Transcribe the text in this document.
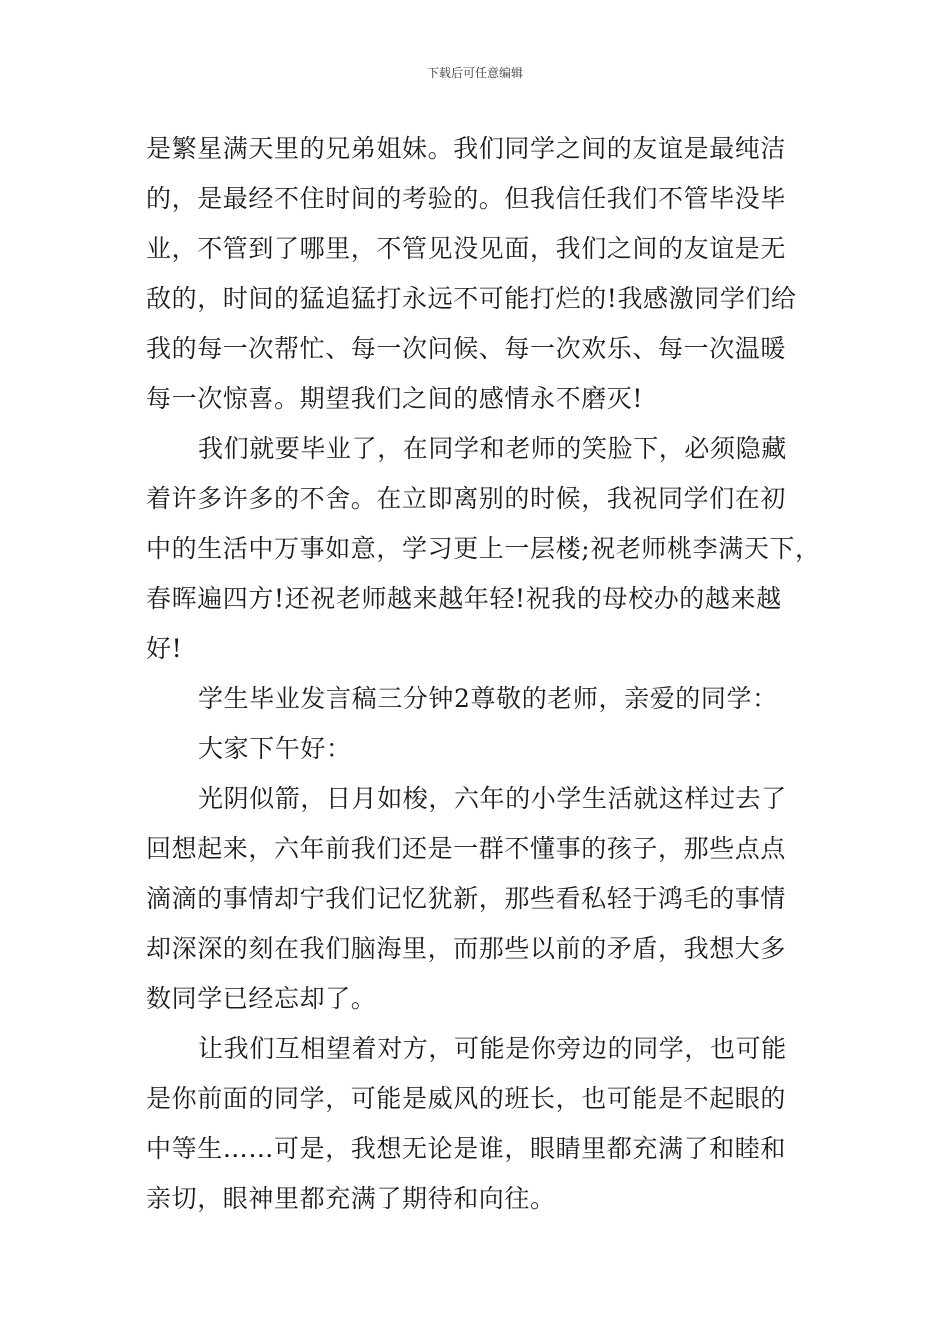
下载后可任意编辑

是繁星满天里的兄弟姐妹。我们同学之间的友谊是最纯洁
的，是最经不住时间的考验的。但我信任我们不管毕没毕
业，不管到了哪里，不管见没见面，我们之间的友谊是无
敌的，时间的猛追猛打永远不可能打烂的!我感激同学们给
我的每一次帮忙、每一次问候、每一次欢乐、每一次温暖
每一次惊喜。期望我们之间的感情永不磨灭!

我们就要毕业了，在同学和老师的笑脸下，必须隐藏
着许多许多的不舍。在立即离别的时候，我祝同学们在初
中的生活中万事如意，学习更上一层楼;祝老师桃李满天下，
春晖遍四方!还祝老师越来越年轻!祝我的母校办的越来越
好!

学生毕业发言稿三分钟2尊敬的老师，亲爱的同学：

大家下午好：

光阴似箭，日月如梭，六年的小学生活就这样过去了
回想起来，六年前我们还是一群不懂事的孩子，那些点点
滴滴的事情却宁我们记忆犹新，那些看私轻于鸿毛的事情
却深深的刻在我们脑海里，而那些以前的矛盾，我想大多
数同学已经忘却了。

让我们互相望着对方，可能是你旁边的同学，也可能
是你前面的同学，可能是威风的班长，也可能是不起眼的
中等生……可是，我想无论是谁，眼睛里都充满了和睦和
亲切，眼神里都充满了期待和向往。
